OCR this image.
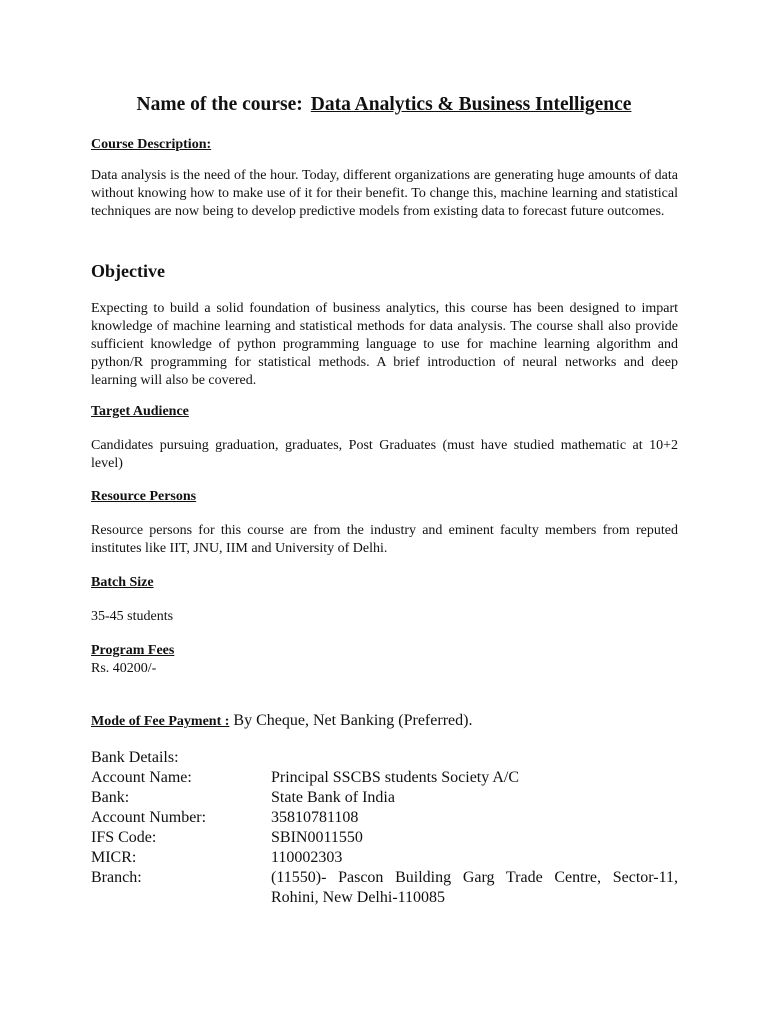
Name of the course: Data Analytics & Business Intelligence
Course Description:

Data analysis is the need of the hour. Today, different organizations are generating huge amounts of data without knowing how to make use of it for their benefit. To change this, machine learning and statistical techniques are now being to develop predictive models from existing data to forecast future outcomes.

Objective

Expecting to build a solid foundation of business analytics, this course has been designed to impart knowledge of machine learning and statistical methods for data analysis. The course shall also provide sufficient knowledge of python programming language to use for machine learning algorithm and python/R programming for statistical methods. A brief introduction of neural networks and deep learning will also be covered.

Target Audience

Candidates pursuing graduation, graduates, Post Graduates (must have studied mathematic at 10+2 level)

Resource Persons

Resource persons for this course are from the industry and eminent faculty members from reputed institutes like IIT, JNU, IIM and University of Delhi.

Batch Size

35-45 students

Program Fees

Rs. 40200/-

Mode of Fee Payment : By Cheque, Net Banking (Preferred).
Bank Details:
Account Name:	Principal SSCBS students Society A/C
Bank:	State Bank of India
Account Number:	35810781108
IFS Code:	SBIN0011550
MICR:	110002303
Branch:	(11550)- Pascon Building Garg Trade Centre, Sector-11, Rohini, New Delhi-110085
